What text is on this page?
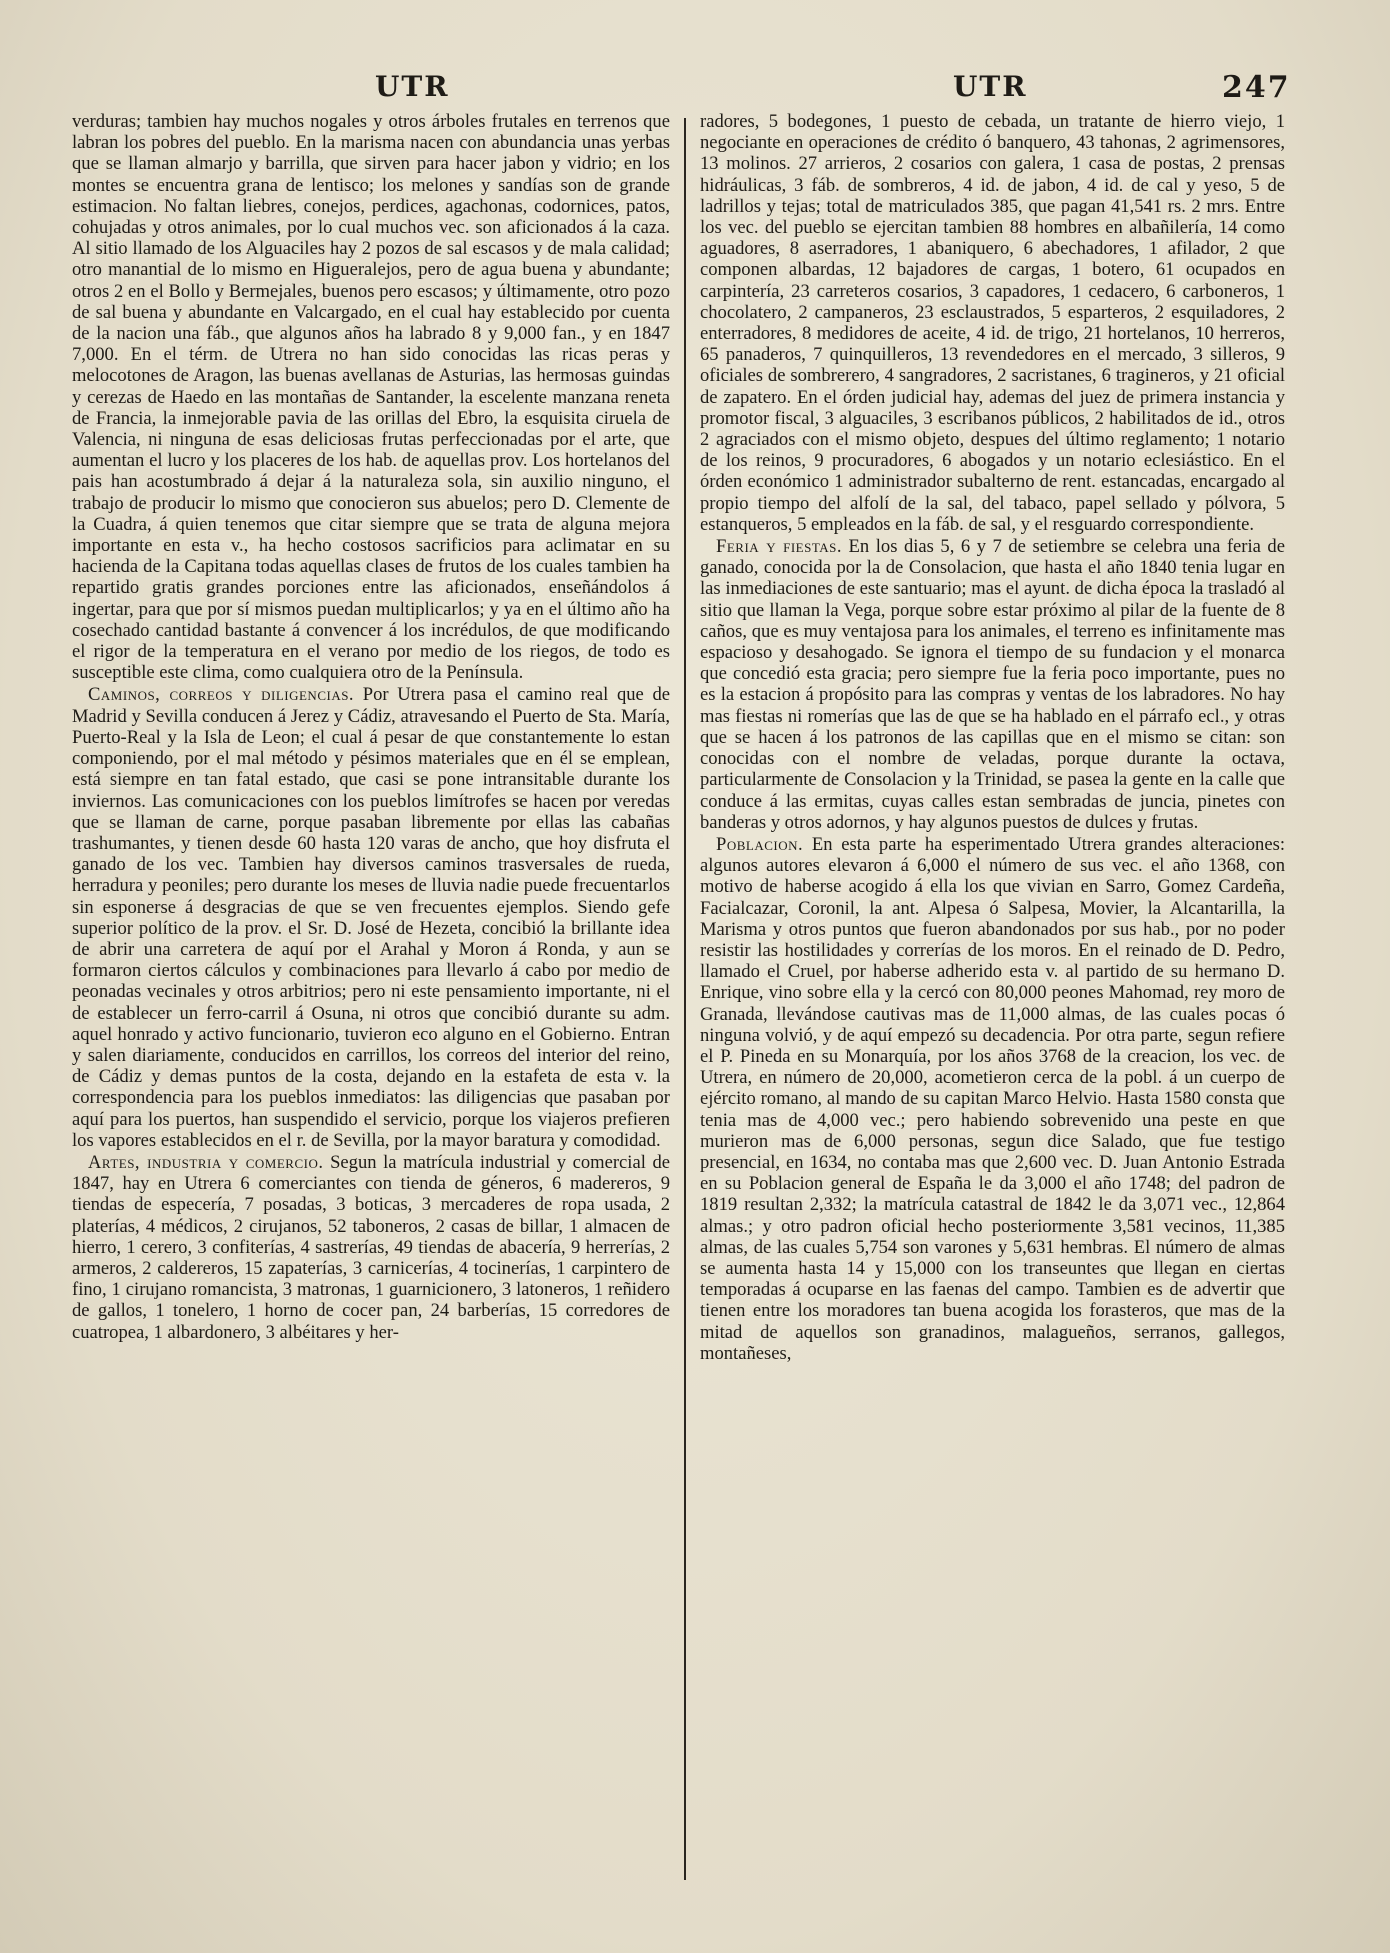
UTR	UTR	247

verduras; tambien hay muchos nogales y otros árboles frutales en terrenos que labran los pobres del pueblo. En la marisma nacen con abundancia unas yerbas que se llaman almarjo y barrilla, que sirven para hacer jabon y vidrio; en los montes se encuentra grana de lentisco; los melones y sandías son de grande estimacion. No faltan liebres, conejos, perdices, agachonas, codornices, patos, cohujadas y otros animales, por lo cual muchos vec. son aficionados á la caza. Al sitio llamado de los Alguaciles hay 2 pozos de sal escasos y de mala calidad; otro manantial de lo mismo en Higueralejos, pero de agua buena y abundante; otros 2 en el Bollo y Bermejales, buenos pero escasos; y últimamente, otro pozo de sal buena y abundante en Valcargado, en el cual hay establecido por cuenta de la nacion una fáb., que algunos años ha labrado 8 y 9,000 fan., y en 1847 7,000. En el térm. de Utrera no han sido conocidas las ricas peras y melocotones de Aragon, las buenas avellanas de Asturias, las hermosas guindas y cerezas de Haedo en las montañas de Santander, la escelente manzana reneta de Francia, la inmejorable pavia de las orillas del Ebro, la esquisita ciruela de Valencia, ni ninguna de esas deliciosas frutas perfeccionadas por el arte, que aumentan el lucro y los placeres de los hab. de aquellas prov. Los hortelanos del pais han acostumbrado á dejar á la naturaleza sola, sin auxilio ninguno, el trabajo de producir lo mismo que conocieron sus abuelos; pero D. Clemente de la Cuadra, á quien tenemos que citar siempre que se trata de alguna mejora importante en esta v., ha hecho costosos sacrificios para aclimatar en su hacienda de la Capitana todas aquellas clases de frutos de los cuales tambien ha repartido gratis grandes porciones entre las aficionados, enseñándolos á ingertar, para que por sí mismos puedan multiplicarlos; y ya en el último año ha cosechado cantidad bastante á convencer á los incrédulos, de que modificando el rigor de la temperatura en el verano por medio de los riegos, de todo es susceptible este clima, como cualquiera otro de la Península.

Caminos, correos y diligencias. Por Utrera pasa el camino real que de Madrid y Sevilla conducen á Jerez y Cádiz, atravesando el Puerto de Sta. María, Puerto-Real y la Isla de Leon; el cual á pesar de que constantemente lo estan componiendo, por el mal método y pésimos materiales que en él se emplean, está siempre en tan fatal estado, que casi se pone intransitable durante los inviernos. Las comunicaciones con los pueblos limítrofes se hacen por veredas que se llaman de carne, porque pasaban libremente por ellas las cabañas trashumantes, y tienen desde 60 hasta 120 varas de ancho, que hoy disfruta el ganado de los vec. Tambien hay diversos caminos trasversales de rueda, herradura y peoniles; pero durante los meses de lluvia nadie puede frecuentarlos sin esponerse á desgracias de que se ven frecuentes ejemplos. Siendo gefe superior político de la prov. el Sr. D. José de Hezeta, concibió la brillante idea de abrir una carretera de aquí por el Arahal y Moron á Ronda, y aun se formaron ciertos cálculos y combinaciones para llevarlo á cabo por medio de peonadas vecinales y otros arbitrios; pero ni este pensamiento importante, ni el de establecer un ferro-carril á Osuna, ni otros que concibió durante su adm. aquel honrado y activo funcionario, tuvieron eco alguno en el Gobierno. Entran y salen diariamente, conducidos en carrillos, los correos del interior del reino, de Cádiz y demas puntos de la costa, dejando en la estafeta de esta v. la correspondencia para los pueblos inmediatos: las diligencias que pasaban por aquí para los puertos, han suspendido el servicio, porque los viajeros prefieren los vapores establecidos en el r. de Sevilla, por la mayor baratura y comodidad.

Artes, industria y comercio. Segun la matrícula industrial y comercial de 1847, hay en Utrera 6 comerciantes con tienda de géneros, 6 madereros, 9 tiendas de especería, 7 posadas, 3 boticas, 3 mercaderes de ropa usada, 2 platerías, 4 médicos, 2 cirujanos, 52 taboneros, 2 casas de billar, 1 almacen de hierro, 1 cerero, 3 confiterías, 4 sastrerías, 49 tiendas de abacería, 9 herrerías, 2 armeros, 2 caldereros, 15 zapaterías, 3 carnicerías, 4 tocinerías, 1 carpintero de fino, 1 cirujano romancista, 3 matronas, 1 guarnicionero, 3 latoneros, 1 reñidero de gallos, 1 tonelero, 1 horno de cocer pan, 24 barberías, 15 corredores de cuatropea, 1 albardonero, 3 albéitares y her-

radores, 5 bodegones, 1 puesto de cebada, un tratante de hierro viejo, 1 negociante en operaciones de crédito ó banquero, 43 tahonas, 2 agrimensores, 13 molinos. 27 arrieros, 2 cosarios con galera, 1 casa de postas, 2 prensas hidráulicas, 3 fáb. de sombreros, 4 id. de jabon, 4 id. de cal y yeso, 5 de ladrillos y tejas; total de matriculados 385, que pagan 41,541 rs. 2 mrs. Entre los vec. del pueblo se ejercitan tambien 88 hombres en albañilería, 14 como aguadores, 8 aserradores, 1 abaniquero, 6 abechadores, 1 afilador, 2 que componen albardas, 12 bajadores de cargas, 1 botero, 61 ocupados en carpintería, 23 carreteros cosarios, 3 capadores, 1 cedacero, 6 carboneros, 1 chocolatero, 2 campaneros, 23 esclaustrados, 5 esparteros, 2 esquiladores, 2 enterradores, 8 medidores de aceite, 4 id. de trigo, 21 hortelanos, 10 herreros, 65 panaderos, 7 quinquilleros, 13 revendedores en el mercado, 3 silleros, 9 oficiales de sombrerero, 4 sangradores, 2 sacristanes, 6 tragineros, y 21 oficial de zapatero. En el órden judicial hay, ademas del juez de primera instancia y promotor fiscal, 3 alguaciles, 3 escribanos públicos, 2 habilitados de id., otros 2 agraciados con el mismo objeto, despues del último reglamento; 1 notario de los reinos, 9 procuradores, 6 abogados y un notario eclesiástico. En el órden económico 1 administrador subalterno de rent. estancadas, encargado al propio tiempo del alfolí de la sal, del tabaco, papel sellado y pólvora, 5 estanqueros, 5 empleados en la fáb. de sal, y el resguardo correspondiente.

Feria y fiestas. En los dias 5, 6 y 7 de setiembre se celebra una feria de ganado, conocida por la de Consolacion, que hasta el año 1840 tenia lugar en las inmediaciones de este santuario; mas el ayunt. de dicha época la trasladó al sitio que llaman la Vega, porque sobre estar próximo al pilar de la fuente de 8 caños, que es muy ventajosa para los animales, el terreno es infinitamente mas espacioso y desahogado. Se ignora el tiempo de su fundacion y el monarca que concedió esta gracia; pero siempre fue la feria poco importante, pues no es la estacion á propósito para las compras y ventas de los labradores. No hay mas fiestas ni romerías que las de que se ha hablado en el párrafo ecl., y otras que se hacen á los patronos de las capillas que en el mismo se citan: son conocidas con el nombre de veladas, porque durante la octava, particularmente de Consolacion y la Trinidad, se pasea la gente en la calle que conduce á las ermitas, cuyas calles estan sembradas de juncia, pinetes con banderas y otros adornos, y hay algunos puestos de dulces y frutas.

Poblacion. En esta parte ha esperimentado Utrera grandes alteraciones: algunos autores elevaron á 6,000 el número de sus vec. el año 1368, con motivo de haberse acogido á ella los que vivian en Sarro, Gomez Cardeña, Facialcazar, Coronil, la ant. Alpesa ó Salpesa, Movier, la Alcantarilla, la Marisma y otros puntos que fueron abandonados por sus hab., por no poder resistir las hostilidades y correrías de los moros. En el reinado de D. Pedro, llamado el Cruel, por haberse adherido esta v. al partido de su hermano D. Enrique, vino sobre ella y la cercó con 80,000 peones Mahomad, rey moro de Granada, llevándose cautivas mas de 11,000 almas, de las cuales pocas ó ninguna volvió, y de aquí empezó su decadencia. Por otra parte, segun refiere el P. Pineda en su Monarquía, por los años 3768 de la creacion, los vec. de Utrera, en número de 20,000, acometieron cerca de la pobl. á un cuerpo de ejército romano, al mando de su capitan Marco Helvio. Hasta 1580 consta que tenia mas de 4,000 vec.; pero habiendo sobrevenido una peste en que murieron mas de 6,000 personas, segun dice Salado, que fue testigo presencial, en 1634, no contaba mas que 2,600 vec. D. Juan Antonio Estrada en su Poblacion general de España le da 3,000 el año 1748; del padron de 1819 resultan 2,332; la matrícula catastral de 1842 le da 3,071 vec., 12,864 almas.; y otro padron oficial hecho posteriormente 3,581 vecinos, 11,385 almas, de las cuales 5,754 son varones y 5,631 hembras. El número de almas se aumenta hasta 14 y 15,000 con los transeuntes que llegan en ciertas temporadas á ocuparse en las faenas del campo. Tambien es de advertir que tienen entre los moradores tan buena acogida los forasteros, que mas de la mitad de aquellos son granadinos, malagueños, serranos, gallegos, montañeses,
